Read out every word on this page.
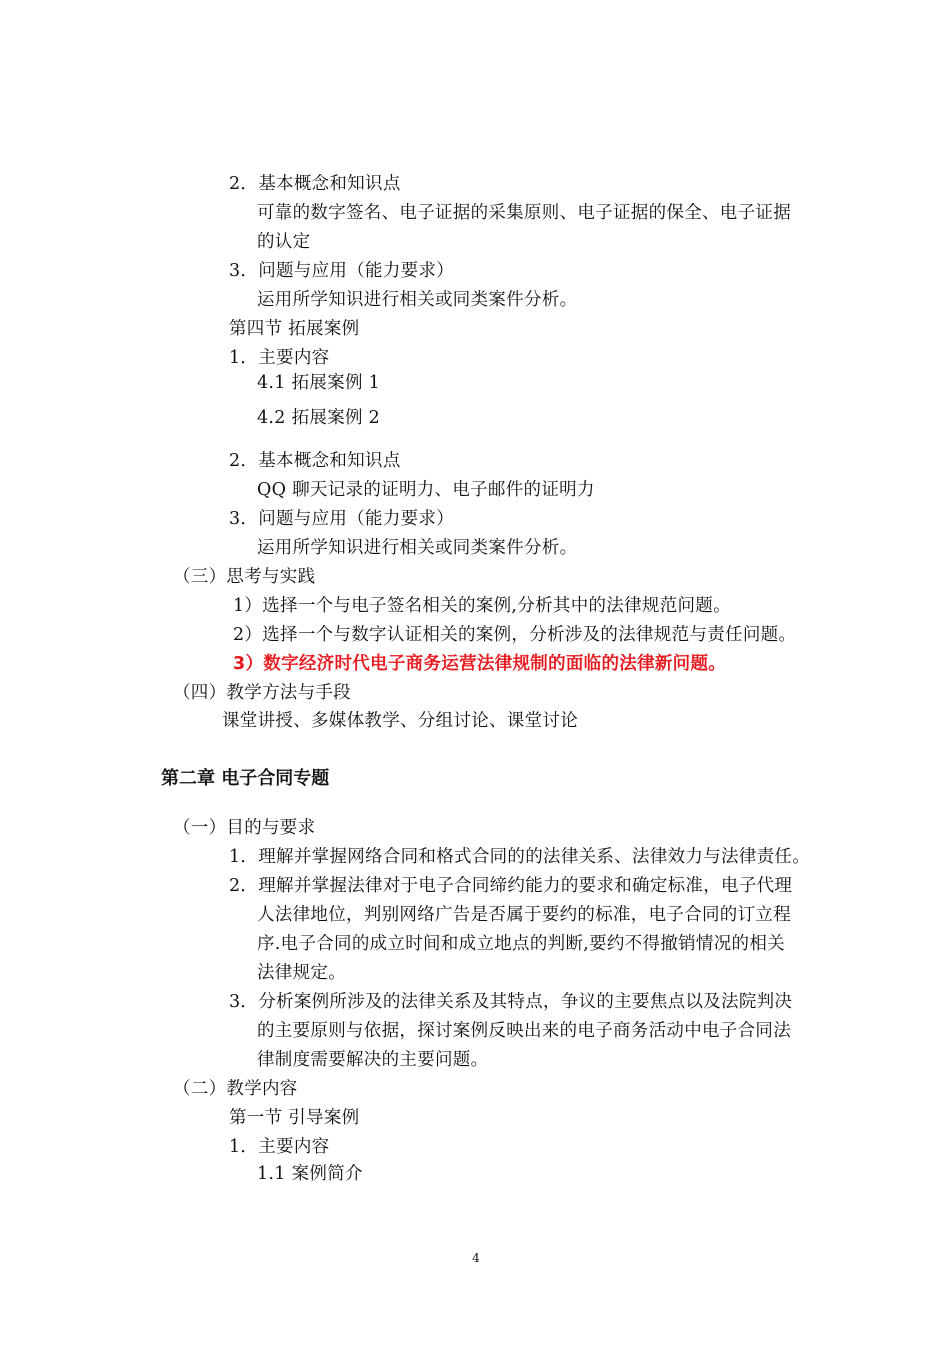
2．基本概念和知识点
可靠的数字签名、电子证据的采集原则、电子证据的保全、电子证据
的认定
3．问题与应用（能力要求）
运用所学知识进行相关或同类案件分析。
第四节 拓展案例
1．主要内容
4.1 拓展案例 1
4.2 拓展案例 2
2．基本概念和知识点
QQ 聊天记录的证明力、电子邮件的证明力
3．问题与应用（能力要求）
运用所学知识进行相关或同类案件分析。
（三）思考与实践
1）选择一个与电子签名相关的案例,分析其中的法律规范问题。
2）选择一个与数字认证相关的案例，分析涉及的法律规范与责任问题。
3）数字经济时代电子商务运营法律规制的面临的法律新问题。
（四）教学方法与手段
课堂讲授、多媒体教学、分组讨论、课堂讨论
第二章 电子合同专题
（一）目的与要求
1．理解并掌握网络合同和格式合同的的法律关系、法律效力与法律责任。
2．理解并掌握法律对于电子合同缔约能力的要求和确定标准，电子代理
人法律地位，判别网络广告是否属于要约的标准，电子合同的订立程
序.电子合同的成立时间和成立地点的判断,要约不得撤销情况的相关
法律规定。
3．分析案例所涉及的法律关系及其特点，争议的主要焦点以及法院判决
的主要原则与依据，探讨案例反映出来的电子商务活动中电子合同法
律制度需要解决的主要问题。
（二）教学内容
第一节 引导案例
1．主要内容
1.1 案例简介
4
